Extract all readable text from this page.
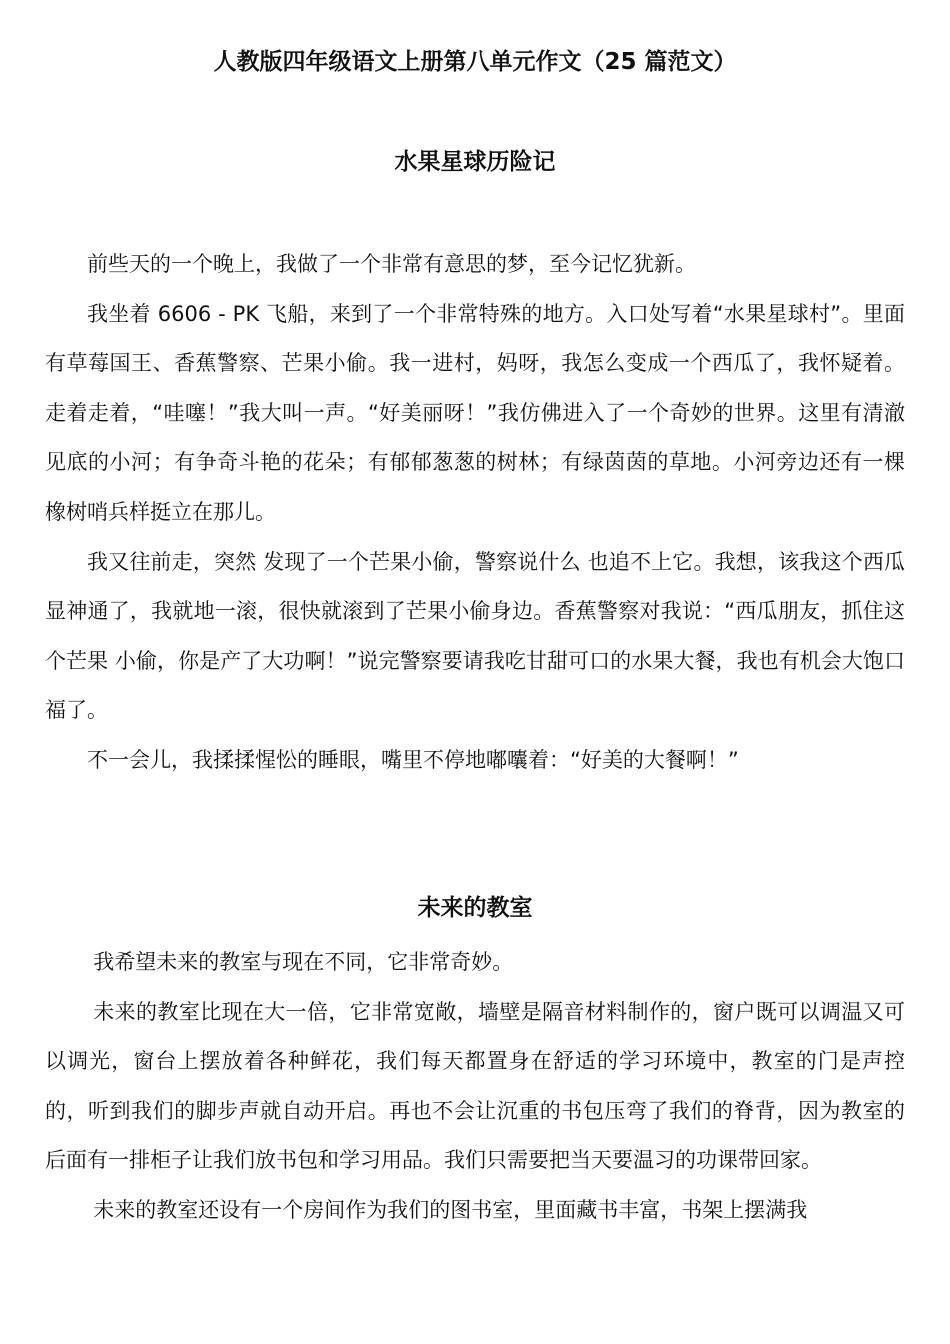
人教版四年级语文上册第八单元作文（25 篇范文）
水果星球历险记

前些天的一个晚上，我做了一个非常有意思的梦，至今记忆犹新。

我坐着 6606 - PK 飞船，来到了一个非常特殊的地方。入口处写着“水果星球村”。里面有草莓国王、香蕉警察、芒果小偷。我一进村，妈呀，我怎么变成一个西瓜了，我怀疑着。走着走着，“哇噻！”我大叫一声。“好美丽呀！”我仿佛进入了一个奇妙的世界。这里有清澈见底的小河；有争奇斗艳的花朵；有郁郁葱葱的树林；有绿茵茵的草地。小河旁边还有一棵橡树哨兵样挺立在那儿。

我又往前走，突然 发现了一个芒果小偷，警察说什么 也追不上它。我想，该我这个西瓜显神通了，我就地一滚，很快就滚到了芒果小偷身边。香蕉警察对我说：“西瓜朋友，抓住这个芒果 小偷，你是产了大功啊！”说完警察要请我吃甘甜可口的水果大餐，我也有机会大饱口福了。

不一会儿，我揉揉惺忪的睡眼，嘴里不停地嘟囔着：“好美的大餐啊！”

未来的教室

我希望未来的教室与现在不同，它非常奇妙。

未来的教室比现在大一倍，它非常宽敞，墙壁是隔音材料制作的，窗户既可以调温又可以调光，窗台上摆放着各种鲜花，我们每天都置身在舒适的学习环境中，教室的门是声控的，听到我们的脚步声就自动开启。再也不会让沉重的书包压弯了我们的脊背，因为教室的后面有一排柜子让我们放书包和学习用品。我们只需要把当天要温习的功课带回家。

未来的教室还设有一个房间作为我们的图书室，里面藏书丰富，书架上摆满我
